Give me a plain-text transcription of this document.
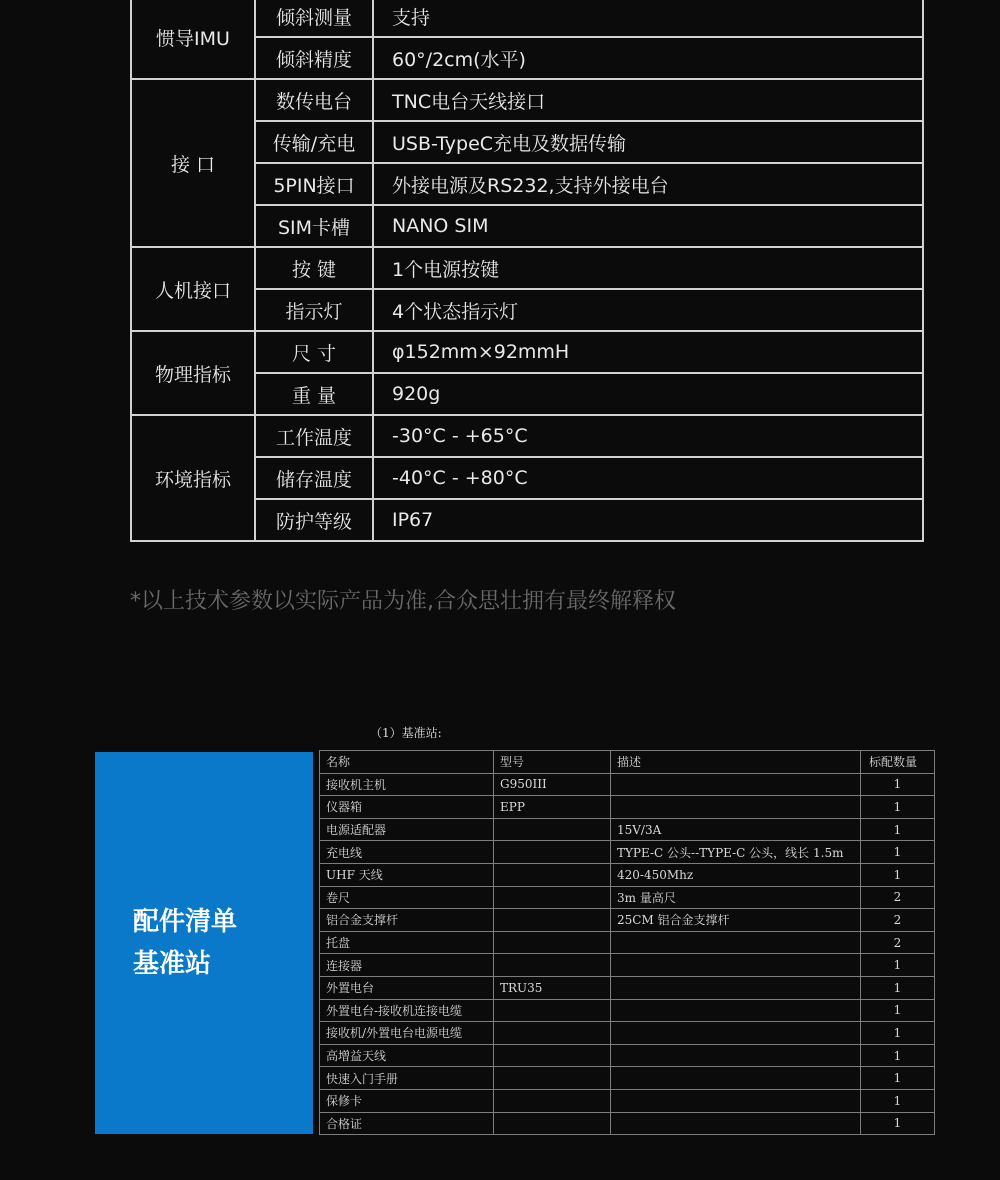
惯导IMU	倾斜测量	支持
	倾斜精度	60°/2cm(水平)
接 口	数传电台	TNC电台天线接口
	传输/充电	USB-TypeC充电及数据传输
	5PIN接口	外接电源及RS232,支持外接电台
	SIM卡槽	NANO SIM
人机接口	按 键	1个电源按键
	指示灯	4个状态指示灯
物理指标	尺 寸	φ152mm×92mmH
	重 量	920g
环境指标	工作温度	-30°C - +65°C
	储存温度	-40°C - +80°C
	防护等级	IP67
*以上技术参数以实际产品为准,合众思壮拥有最终解释权
（1）基准站:
配件清单
基准站
名称	型号	描述	标配数量
接收机主机	G950III		1
仪器箱	EPP		1
电源适配器		15V/3A	1
充电线		TYPE-C 公头--TYPE-C 公头，线长 1.5m	1
UHF 天线		420-450Mhz	1
卷尺		3m 量高尺	2
铝合金支撑杆		25CM 铝合金支撑杆	2
托盘			2
连接器			1
外置电台	TRU35		1
外置电台-接收机连接电缆			1
接收机/外置电台电源电缆			1
高增益天线			1
快速入门手册			1
保修卡			1
合格证			1
